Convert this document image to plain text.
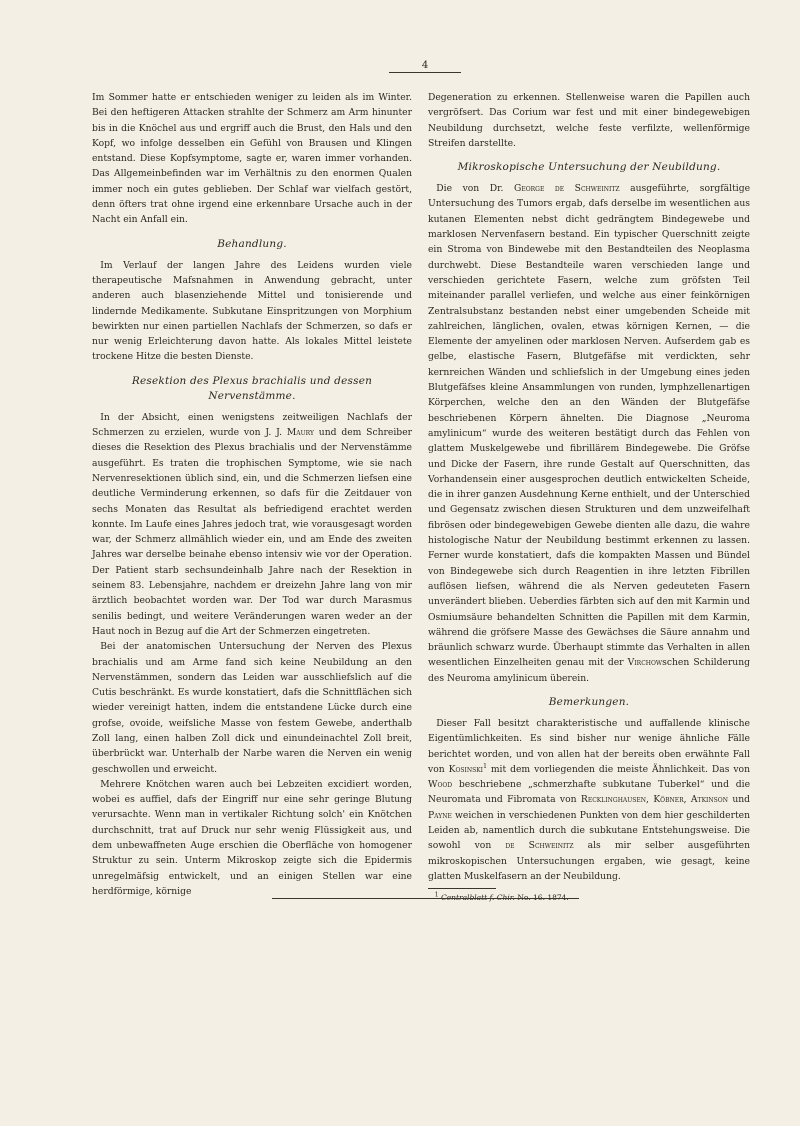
4

Im Sommer hatte er entschieden weniger zu leiden als im Winter. Bei den heftigeren Attacken strahlte der Schmerz am Arm hinunter bis in die Knöchel aus und ergriff auch die Brust, den Hals und den Kopf, wo infolge desselben ein Gefühl von Brausen und Klingen entstand. Diese Kopfsymptome, sagte er, waren immer vorhanden. Das Allgemeinbefinden war im Verhältnis zu den enormen Qualen immer noch ein gutes geblieben. Der Schlaf war vielfach gestört, denn öfters trat ohne irgend eine erkennbare Ursache auch in der Nacht ein Anfall ein.

Behandlung.

Im Verlauf der langen Jahre des Leidens wurden viele therapeutische Mafsnahmen in Anwendung gebracht, unter anderen auch blasenziehende Mittel und tonisierende und lindernde Medikamente. Subkutane Einspritzungen von Morphium bewirkten nur einen partiellen Nachlafs der Schmerzen, so dafs er nur wenig Erleichterung davon hatte. Als lokales Mittel leistete trockene Hitze die besten Dienste.

Resektion des Plexus brachialis und dessen Nervenstämme.

In der Absicht, einen wenigstens zeitweiligen Nachlafs der Schmerzen zu erzielen, wurde von J. J. Maury und dem Schreiber dieses die Resektion des Plexus brachialis und der Nervenstämme ausgeführt. Es traten die trophischen Symptome, wie sie nach Nervenresektionen üblich sind, ein, und die Schmerzen liefsen eine deutliche Verminderung erkennen, so dafs für die Zeitdauer von sechs Monaten das Resultat als befriedigend erachtet werden konnte. Im Laufe eines Jahres jedoch trat, wie vorausgesagt worden war, der Schmerz allmählich wieder ein, und am Ende des zweiten Jahres war derselbe beinahe ebenso intensiv wie vor der Operation. Der Patient starb sechsundeinhalb Jahre nach der Resektion in seinem 83. Lebensjahre, nachdem er dreizehn Jahre lang von mir ärztlich beobachtet worden war. Der Tod war durch Marasmus senilis bedingt, und weitere Veränderungen waren weder an der Haut noch in Bezug auf die Art der Schmerzen eingetreten.

Bei der anatomischen Untersuchung der Nerven des Plexus brachialis und am Arme fand sich keine Neubildung an den Nervenstämmen, sondern das Leiden war ausschliefslich auf die Cutis beschränkt. Es wurde konstatiert, dafs die Schnittflächen sich wieder vereinigt hatten, indem die entstandene Lücke durch eine grofse, ovoide, weifsliche Masse von festem Gewebe, anderthalb Zoll lang, einen halben Zoll dick und einundeinachtel Zoll breit, überbrückt war. Unterhalb der Narbe waren die Nerven ein wenig geschwollen und erweicht.

Mehrere Knötchen waren auch bei Lebzeiten excidiert worden, wobei es auffiel, dafs der Eingriff nur eine sehr geringe Blutung verursachte. Wenn man in vertikaler Richtung solch' ein Knötchen durchschnitt, trat auf Druck nur sehr wenig Flüssigkeit aus, und dem unbewaffneten Auge erschien die Oberfläche von homogener Struktur zu sein. Unterm Mikroskop zeigte sich die Epidermis unregelmäfsig entwickelt, und an einigen Stellen war eine herdförmige, körnige

Degeneration zu erkennen. Stellenweise waren die Papillen auch vergröfsert. Das Corium war fest und mit einer bindegewebigen Neubildung durchsetzt, welche feste verfilzte, wellenförmige Streifen darstellte.

Mikroskopische Untersuchung der Neubildung.

Die von Dr. George de Schweinitz ausgeführte, sorgfältige Untersuchung des Tumors ergab, dafs derselbe im wesentlichen aus kutanen Elementen nebst dicht gedrängtem Bindegewebe und marklosen Nervenfasern bestand. Ein typischer Querschnitt zeigte ein Stroma von Bindewebe mit den Bestandteilen des Neoplasma durchwebt. Diese Bestandteile waren verschieden lange und verschieden gerichtete Fasern, welche zum gröfsten Teil miteinander parallel verliefen, und welche aus einer feinkörnigen Zentralsubstanz bestanden nebst einer umgebenden Scheide mit zahlreichen, länglichen, ovalen, etwas körnigen Kernen, — die Elemente der amyelinen oder marklosen Nerven. Aufserdem gab es gelbe, elastische Fasern, Blutgefäfse mit verdickten, sehr kernreichen Wänden und schliefslich in der Umgebung eines jeden Blutgefäfses kleine Ansammlungen von runden, lymphzellenartigen Körperchen, welche den an den Wänden der Blutgefäfse beschriebenen Körpern ähnelten. Die Diagnose „Neuroma amylinicum“ wurde des weiteren bestätigt durch das Fehlen von glattem Muskelgewebe und fibrillärem Bindegewebe. Die Gröfse und Dicke der Fasern, ihre runde Gestalt auf Querschnitten, das Vorhandensein einer ausgesprochen deutlich entwickelten Scheide, die in ihrer ganzen Ausdehnung Kerne enthielt, und der Unterschied und Gegensatz zwischen diesen Strukturen und dem unzweifelhaft fibrösen oder bindegewebigen Gewebe dienten alle dazu, die wahre histologische Natur der Neubildung bestimmt erkennen zu lassen. Ferner wurde konstatiert, dafs die kompakten Massen und Bündel von Bindegewebe sich durch Reagentien in ihre letzten Fibrillen auflösen liefsen, während die als Nerven gedeuteten Fasern unverändert blieben. Ueberdies färbten sich auf den mit Karmin und Osmiumsäure behandelten Schnitten die Papillen mit dem Karmin, während die gröfsere Masse des Gewächses die Säure annahm und bräunlich schwarz wurde. Überhaupt stimmte das Verhalten in allen wesentlichen Einzelheiten genau mit der Virchowschen Schilderung des Neuroma amylinicum überein.

Bemerkungen.

Dieser Fall besitzt charakteristische und auffallende klinische Eigentümlichkeiten. Es sind bisher nur wenige ähnliche Fälle berichtet worden, und von allen hat der bereits oben erwähnte Fall von Kosinski$^1$ mit dem vorliegenden die meiste Ähnlichkeit. Das von Wood beschriebene „schmerzhafte subkutane Tuberkel“ und die Neuromata und Fibromata von Recklinghausen, Köbner, Atkinson und Payne weichen in verschiedenen Punkten von dem hier geschilderten Leiden ab, namentlich durch die subkutane Entstehungsweise. Die sowohl von de Schweinitz als mir selber ausgeführten mikroskopischen Untersuchungen ergaben, wie gesagt, keine glatten Muskelfasern an der Neubildung.

$^1$ Centralblatt f. Chir. No. 16. 1874.
